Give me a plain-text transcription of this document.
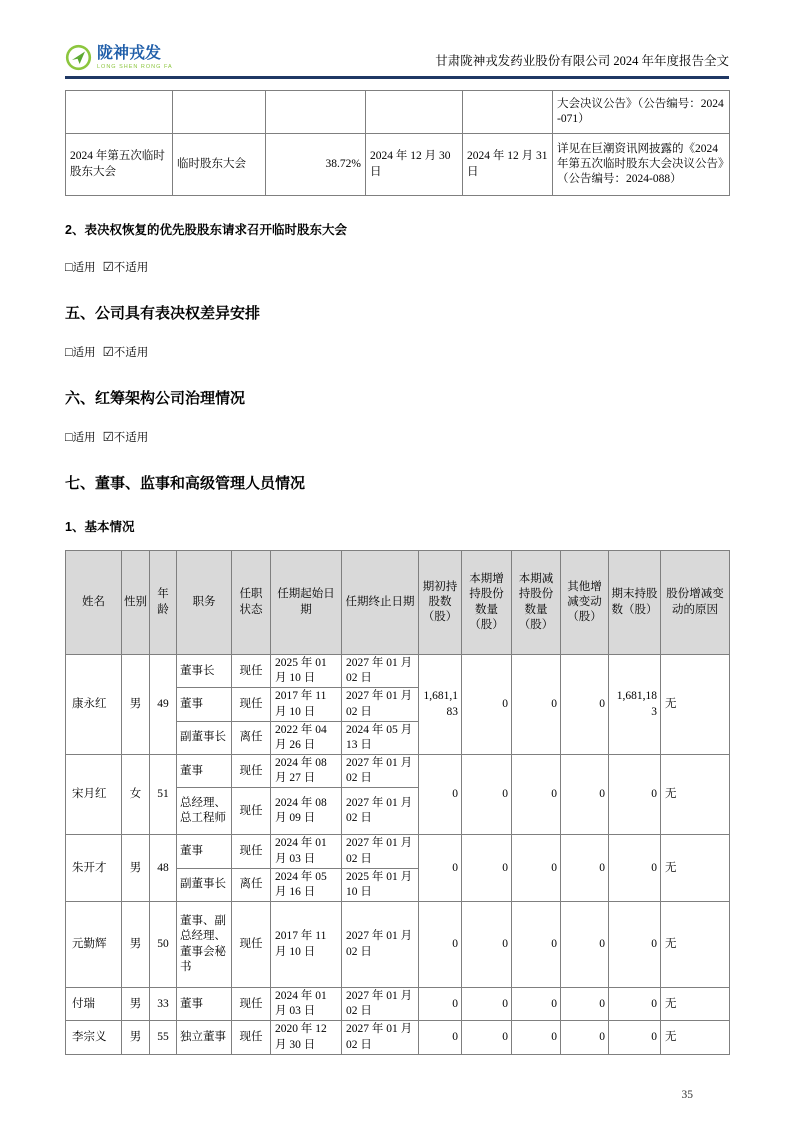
陇神戎发
LONG SHEN RONG FA	甘肃陇神戎发药业股份有限公司 2024 年年度报告全文
					大会决议公告》（公告编号：2024-071）
2024 年第五次临时股东大会	临时股东大会	38.72%	2024 年 12 月 30 日	2024 年 12 月 31 日	详见在巨潮资讯网披露的《2024 年第五次临时股东大会决议公告》（公告编号：2024-088）
2、表决权恢复的优先股股东请求召开临时股东大会
□适用 ☑不适用
五、公司具有表决权差异安排
□适用 ☑不适用
六、红筹架构公司治理情况
□适用 ☑不适用
七、董事、监事和高级管理人员情况
1、基本情况
姓名	性别	年龄	职务	任职状态	任期起始日期	任期终止日期	期初持股数（股）	本期增持股份数量（股）	本期减持股份数量（股）	其他增减变动（股）	期末持股数（股）	股份增减变动的原因
康永红	男	49	董事长	现任	2025 年 01 月 10 日	2027 年 01 月 02 日	1,681,183	0	0	0	1,681,183	无
			董事	现任	2017 年 11 月 10 日	2027 年 01 月 02 日						
			副董事长	离任	2022 年 04 月 26 日	2024 年 05 月 13 日						
宋月红	女	51	董事	现任	2024 年 08 月 27 日	2027 年 01 月 02 日	0	0	0	0	0	无
			总经理、总工程师	现任	2024 年 08 月 09 日	2027 年 01 月 02 日						
朱开才	男	48	董事	现任	2024 年 01 月 03 日	2027 年 01 月 02 日	0	0	0	0	0	无
			副董事长	离任	2024 年 05 月 16 日	2025 年 01 月 10 日						
元勤辉	男	50	董事、副总经理、董事会秘书	现任	2017 年 11 月 10 日	2027 年 01 月 02 日	0	0	0	0	0	无
付瑞	男	33	董事	现任	2024 年 01 月 03 日	2027 年 01 月 02 日	0	0	0	0	0	无
李宗义	男	55	独立董事	现任	2020 年 12 月 30 日	2027 年 01 月 02 日	0	0	0	0	0	无
35
